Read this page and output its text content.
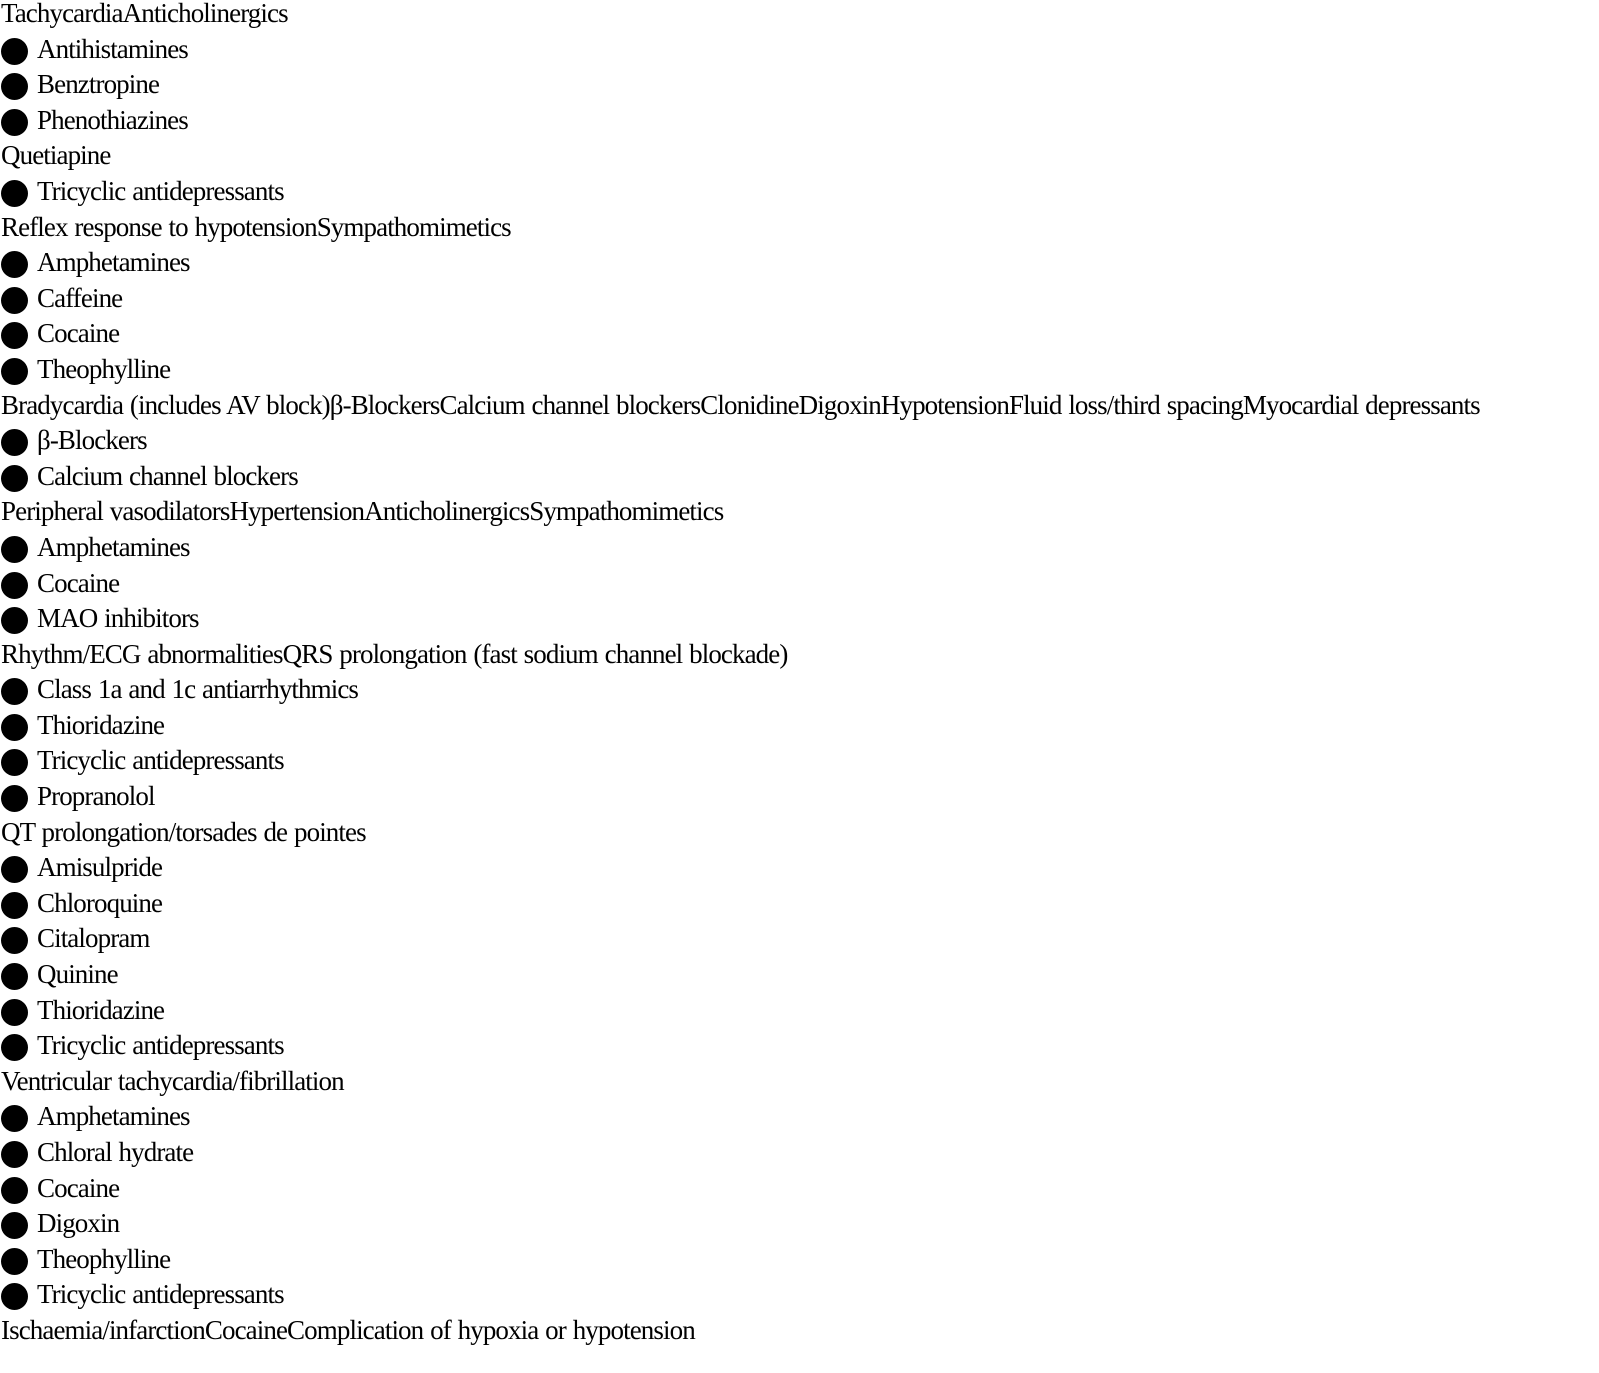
TachycardiaAnticholinergics
Antihistamines
Benztropine
Phenothiazines
Quetiapine
Tricyclic antidepressants
Reflex response to hypotensionSympathomimetics
Amphetamines
Caffeine
Cocaine
Theophylline
Bradycardia (includes AV block)β-BlockersCalcium channel blockersClonidineDigoxinHypotensionFluid loss/third spacingMyocardial depressants
β-Blockers
Calcium channel blockers
Peripheral vasodilatorsHypertensionAnticholinergicsSympathomimetics
Amphetamines
Cocaine
MAO inhibitors
Rhythm/ECG abnormalitiesQRS prolongation (fast sodium channel blockade)
Class 1a and 1c antiarrhythmics
Thioridazine
Tricyclic antidepressants
Propranolol
QT prolongation/torsades de pointes
Amisulpride
Chloroquine
Citalopram
Quinine
Thioridazine
Tricyclic antidepressants
Ventricular tachycardia/fibrillation
Amphetamines
Chloral hydrate
Cocaine
Digoxin
Theophylline
Tricyclic antidepressants
Ischaemia/infarctionCocaineComplication of hypoxia or hypotension
